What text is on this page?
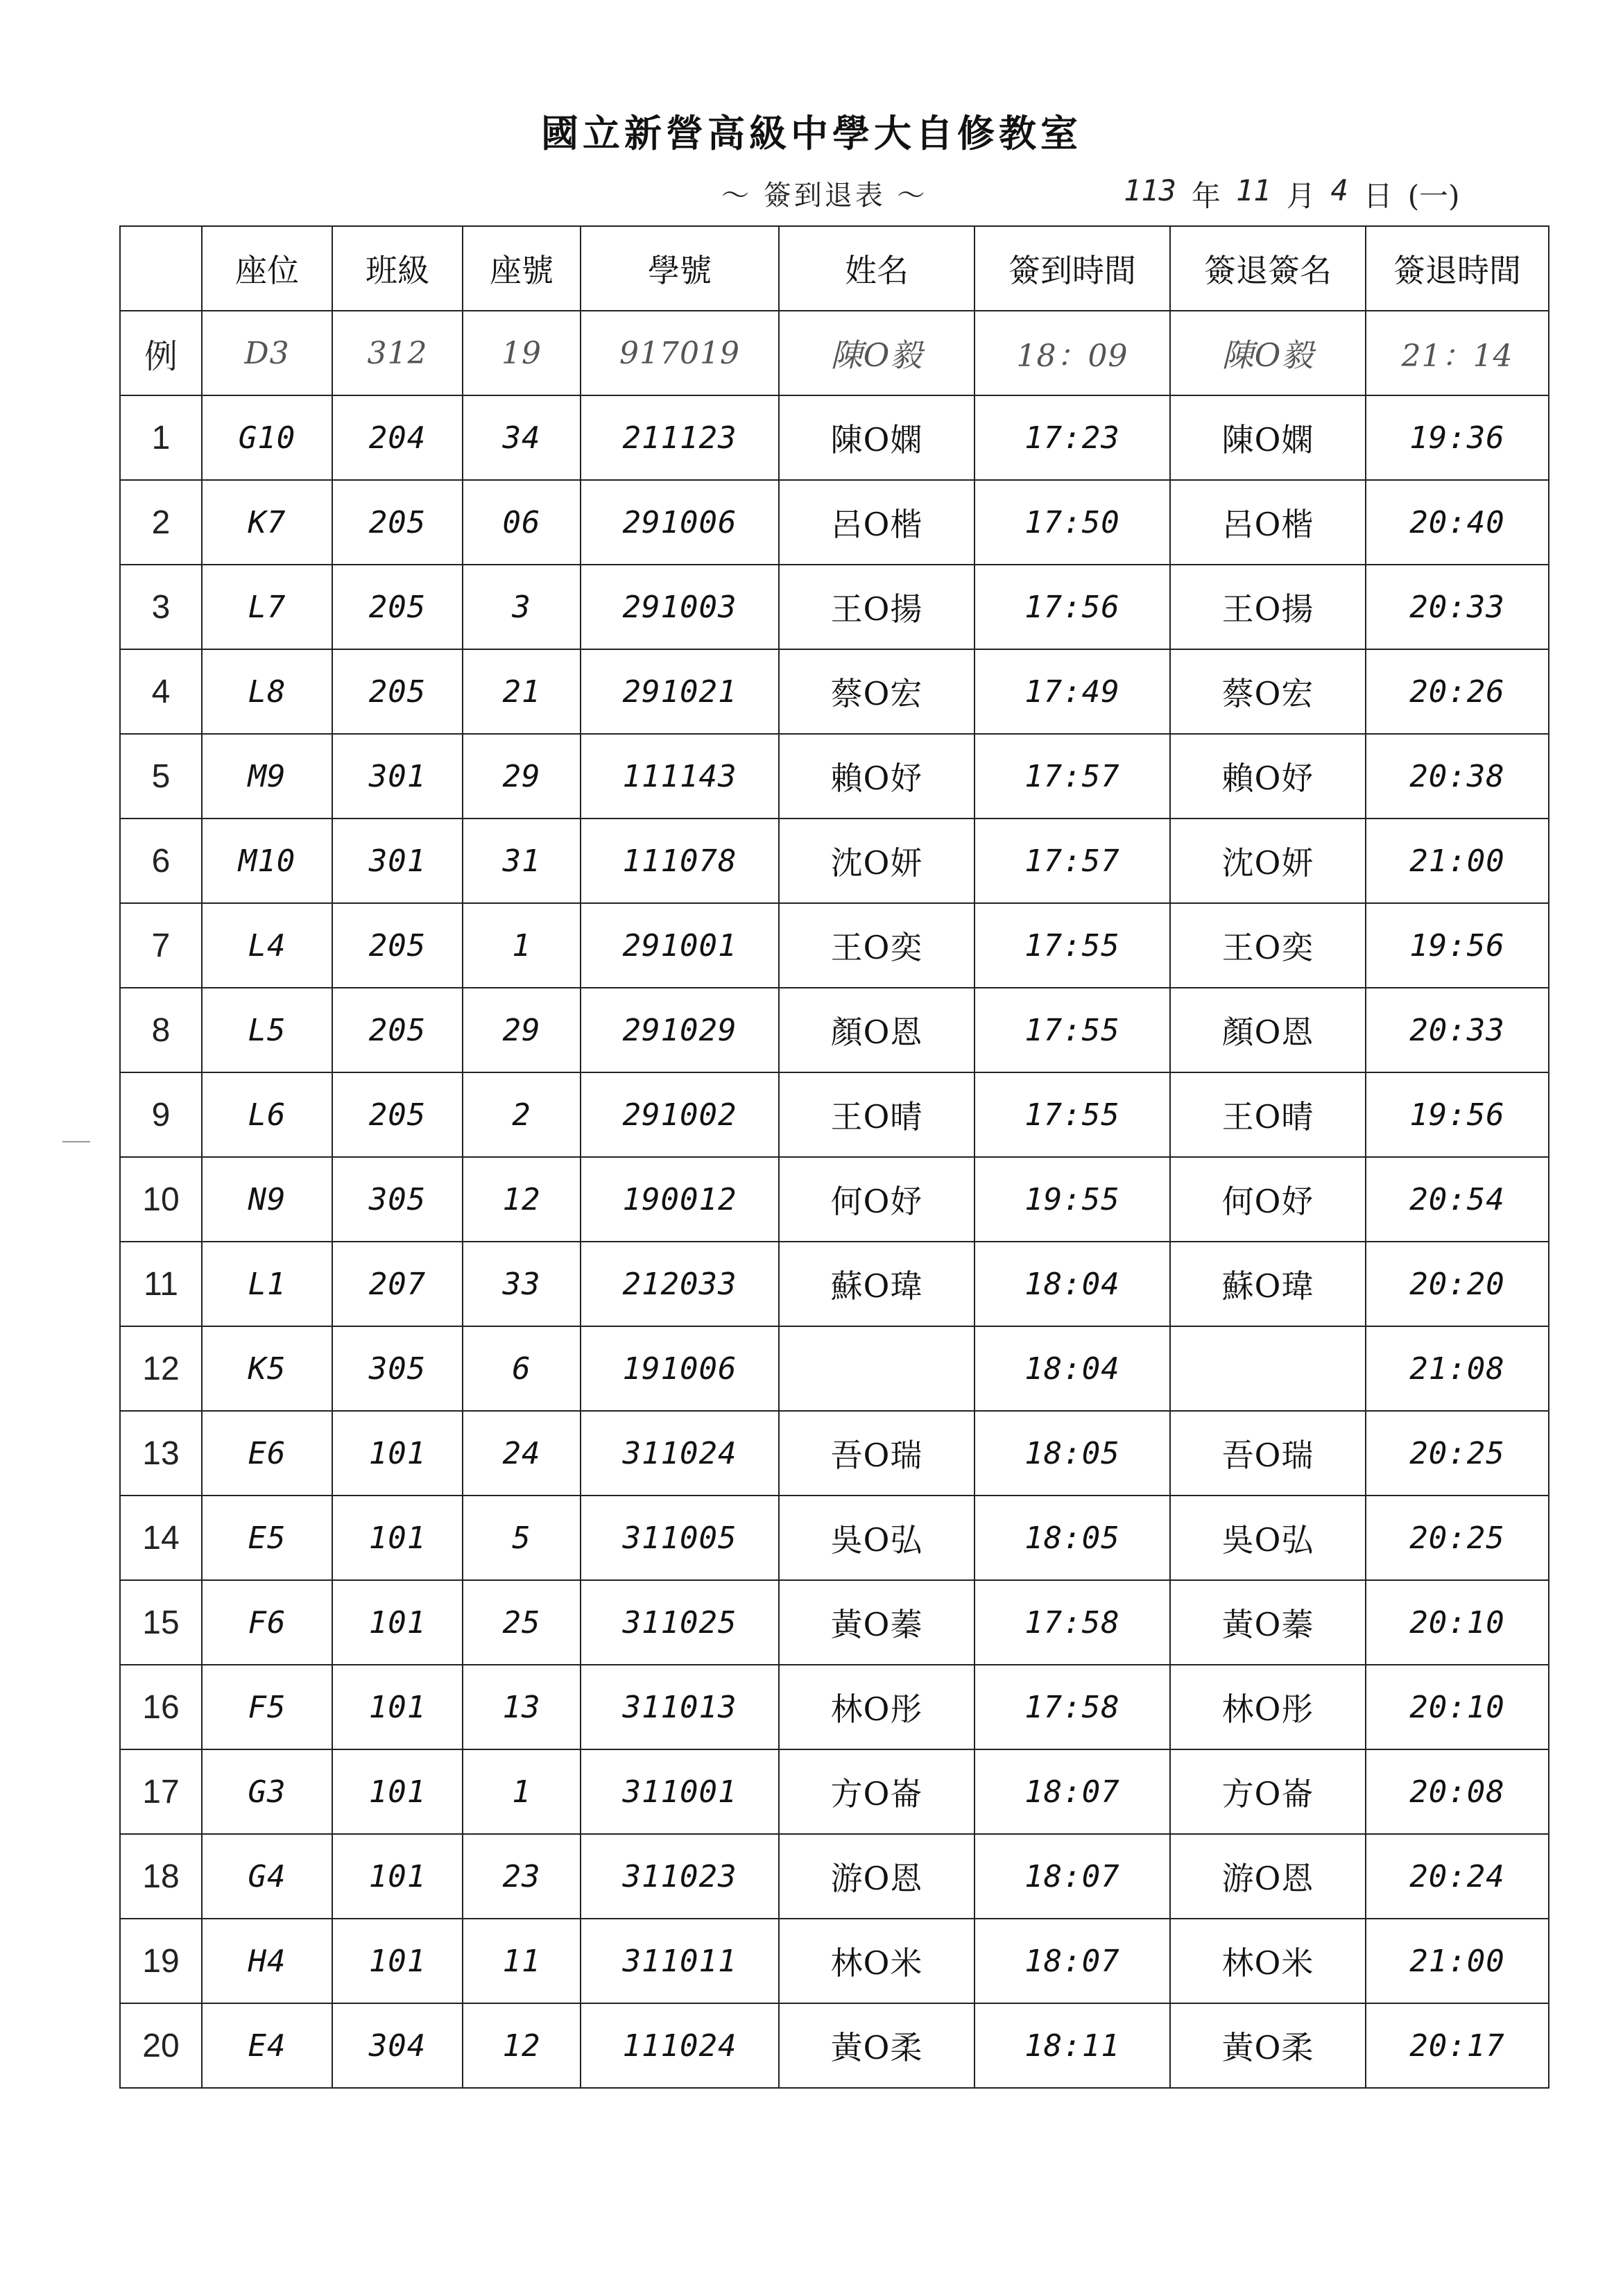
國立新營高級中學大自修教室
～ 簽到退表 ～	113 年 11 月 4 日 (一)
	座位	班級	座號	學號	姓名	簽到時間	簽退簽名	簽退時間
例	D3	312	19	917019	陳O毅	18：09	陳O毅	21：14
1	G10	204	34	211123	陳O嫻	17:23	陳O嫻	19:36
2	K7	205	06	291006	呂O楷	17:50	呂O楷	20:40
3	L7	205	3	291003	王O揚	17:56	王O揚	20:33
4	L8	205	21	291021	蔡O宏	17:49	蔡O宏	20:26
5	M9	301	29	111143	賴O妤	17:57	賴O妤	20:38
6	M10	301	31	111078	沈O妍	17:57	沈O妍	21:00
7	L4	205	1	291001	王O奕	17:55	王O奕	19:56
8	L5	205	29	291029	顏O恩	17:55	顏O恩	20:33
9	L6	205	2	291002	王O晴	17:55	王O晴	19:56
10	N9	305	12	190012	何O妤	19:55	何O妤	20:54
11	L1	207	33	212033	蘇O瑋	18:04	蘇O瑋	20:20
12	K5	305	6	191006		18:04		21:08
13	E6	101	24	311024	吾O瑞	18:05	吾O瑞	20:25
14	E5	101	5	311005	吳O弘	18:05	吳O弘	20:25
15	F6	101	25	311025	黃O蓁	17:58	黃O蓁	20:10
16	F5	101	13	311013	林O彤	17:58	林O彤	20:10
17	G3	101	1	311001	方O崙	18:07	方O崙	20:08
18	G4	101	23	311023	游O恩	18:07	游O恩	20:24
19	H4	101	11	311011	林O米	18:07	林O米	21:00
20	E4	304	12	111024	黃O柔	18:11	黃O柔	20:17
